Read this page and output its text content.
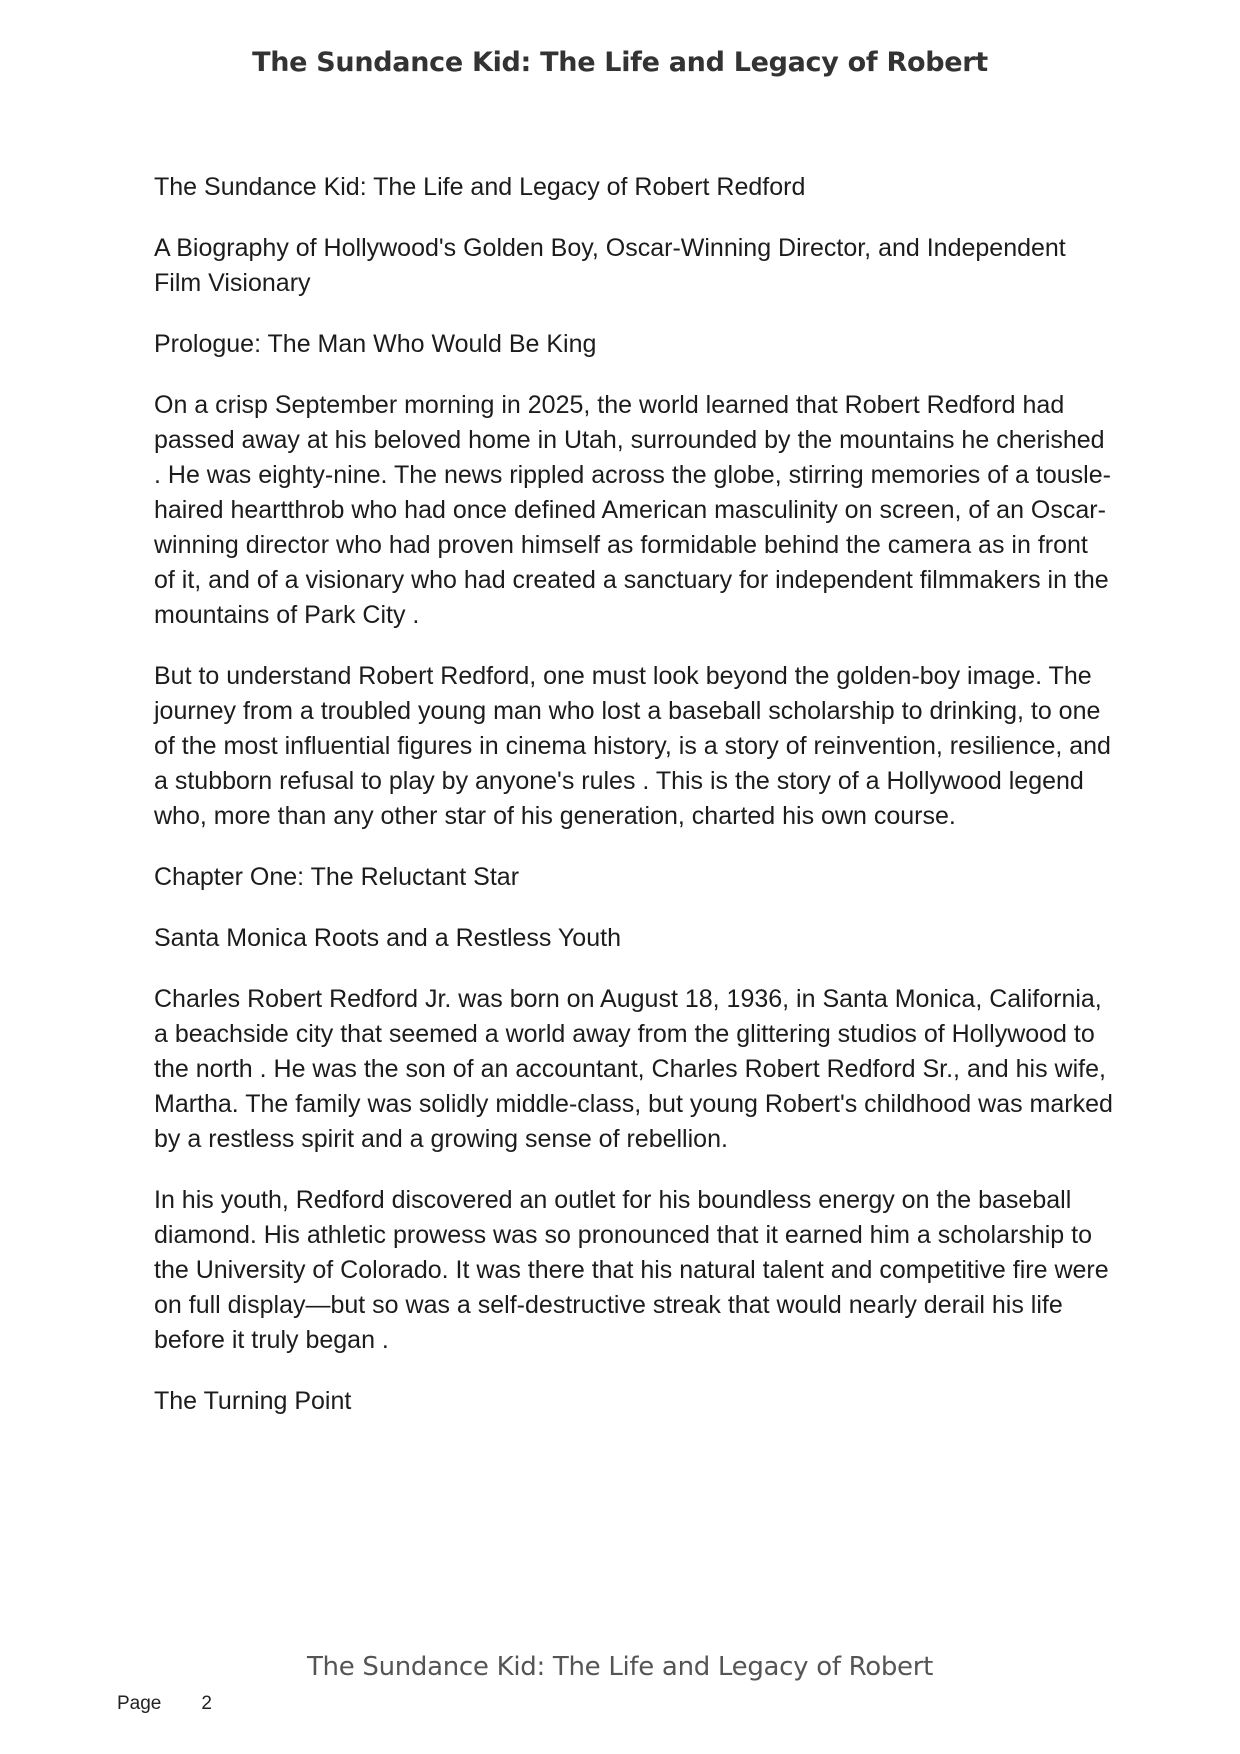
The Sundance Kid: The Life and Legacy of Robert

The Sundance Kid: The Life and Legacy of Robert Redford

A Biography of Hollywood's Golden Boy, Oscar-Winning Director, and Independent Film Visionary

Prologue: The Man Who Would Be King

On a crisp September morning in 2025, the world learned that Robert Redford had passed away at his beloved home in Utah, surrounded by the mountains he cherished . He was eighty-nine. The news rippled across the globe, stirring memories of a tousle-haired heartthrob who had once defined American masculinity on screen, of an Oscar-winning director who had proven himself as formidable behind the camera as in front of it, and of a visionary who had created a sanctuary for independent filmmakers in the mountains of Park City .

But to understand Robert Redford, one must look beyond the golden-boy image. The journey from a troubled young man who lost a baseball scholarship to drinking, to one of the most influential figures in cinema history, is a story of reinvention, resilience, and a stubborn refusal to play by anyone's rules . This is the story of a Hollywood legend who, more than any other star of his generation, charted his own course.

Chapter One: The Reluctant Star

Santa Monica Roots and a Restless Youth

Charles Robert Redford Jr. was born on August 18, 1936, in Santa Monica, California, a beachside city that seemed a world away from the glittering studios of Hollywood to the north . He was the son of an accountant, Charles Robert Redford Sr., and his wife, Martha. The family was solidly middle-class, but young Robert's childhood was marked by a restless spirit and a growing sense of rebellion.

In his youth, Redford discovered an outlet for his boundless energy on the baseball diamond. His athletic prowess was so pronounced that it earned him a scholarship to the University of Colorado. It was there that his natural talent and competitive fire were on full display—but so was a self-destructive streak that would nearly derail his life before it truly began .

The Turning Point

The Sundance Kid: The Life and Legacy of Robert
Page 2
